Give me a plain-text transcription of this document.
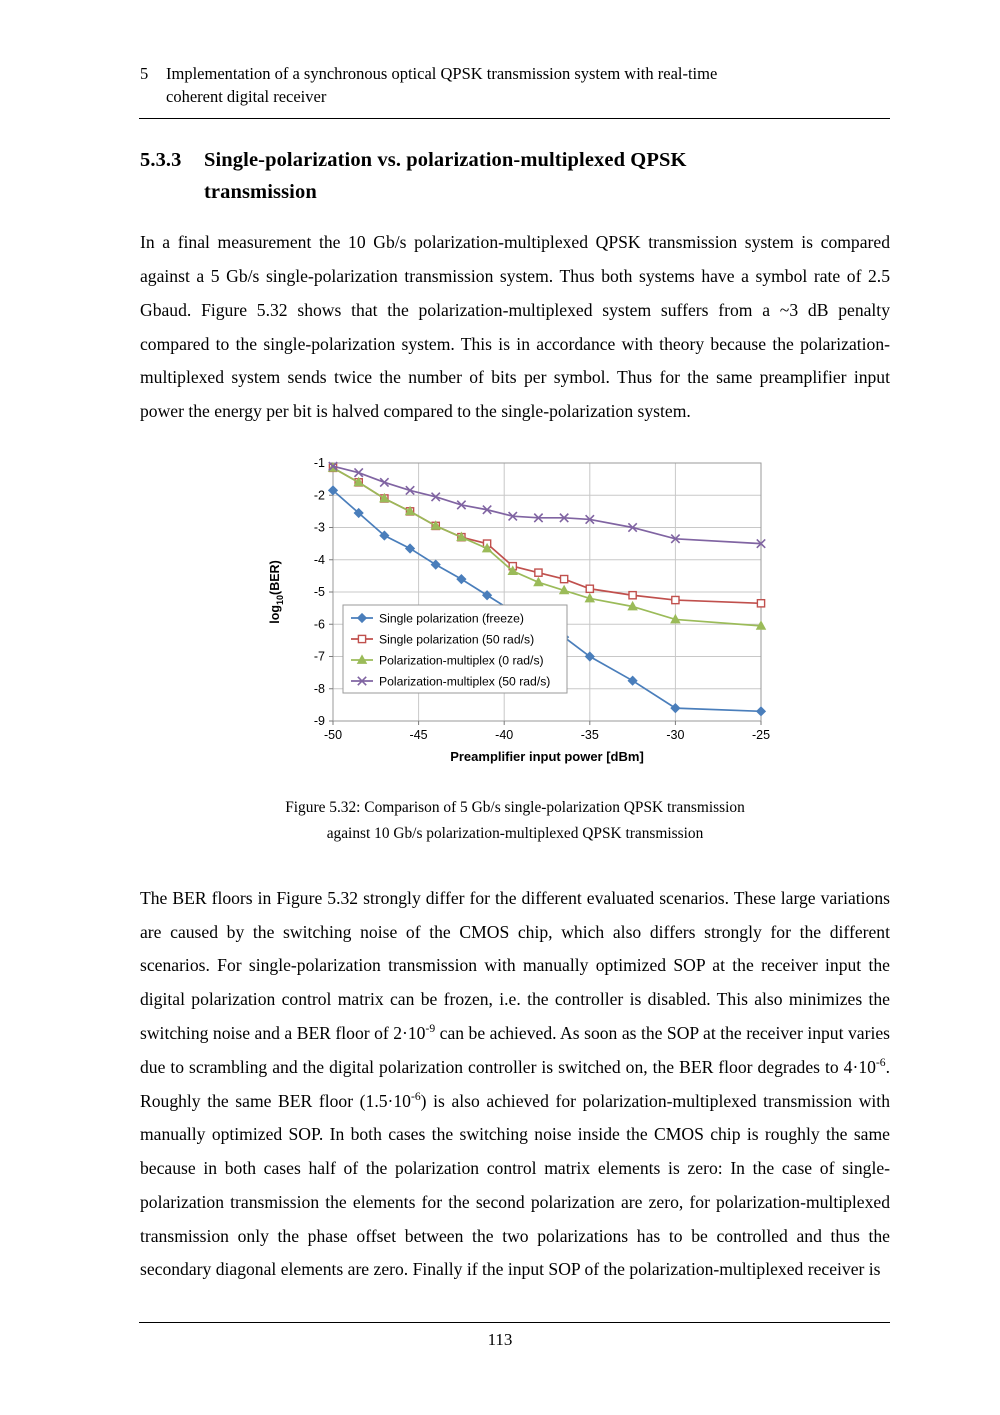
5 Implementation of a synchronous optical QPSK transmission system with real-time
coherent digital receiver
5.3.3 Single-polarization vs. polarization-multiplexed QPSK
transmission

In a final measurement the 10 Gb/s polarization-multiplexed QPSK transmission system is compared against a 5 Gb/s single-polarization transmission system. Thus both systems have a symbol rate of 2.5 Gbaud. Figure 5.32 shows that the polarization-multiplexed system suffers from a ~3 dB penalty compared to the single-polarization system. This is in accordance with theory because the polarization-multiplexed system sends twice the number of bits per symbol. Thus for the same preamplifier input power the energy per bit is halved compared to the single-polarization system.

-1
-2
-3
-4
-5
-6
-7
-8
-9
-50	-45	-40	-35	-30	-25
Preamplifier input power [dBm]
$\log_{10}(BER)$
Single polarization (freeze)
Single polarization (50 rad/s)
Polarization-multiplex (0 rad/s)
Polarization-multiplex (50 rad/s)
Figure 5.32: Comparison of 5 Gb/s single-polarization QPSK transmission
against 10 Gb/s polarization-multiplexed QPSK transmission

The BER floors in Figure 5.32 strongly differ for the different evaluated scenarios. These large variations are caused by the switching noise of the CMOS chip, which also differs strongly for the different scenarios. For single-polarization transmission with manually optimized SOP at the receiver input the digital polarization control matrix can be frozen, i.e. the controller is disabled. This also minimizes the switching noise and a BER floor of $2\cdot 10^{-9}$ can be achieved. As soon as the SOP at the receiver input varies due to scrambling and the digital polarization controller is switched on, the BER floor degrades to $4\cdot 10^{-6}$. Roughly the same BER floor $(1.5\cdot 10^{-6})$ is also achieved for polarization-multiplexed transmission with manually optimized SOP. In both cases the switching noise inside the CMOS chip is roughly the same because in both cases half of the polarization control matrix elements is zero: In the case of single-polarization transmission the elements for the second polarization are zero, for polarization-multiplexed transmission only the phase offset between the two polarizations has to be controlled and thus the secondary diagonal elements are zero. Finally if the input SOP of the polarization-multiplexed receiver is

113
